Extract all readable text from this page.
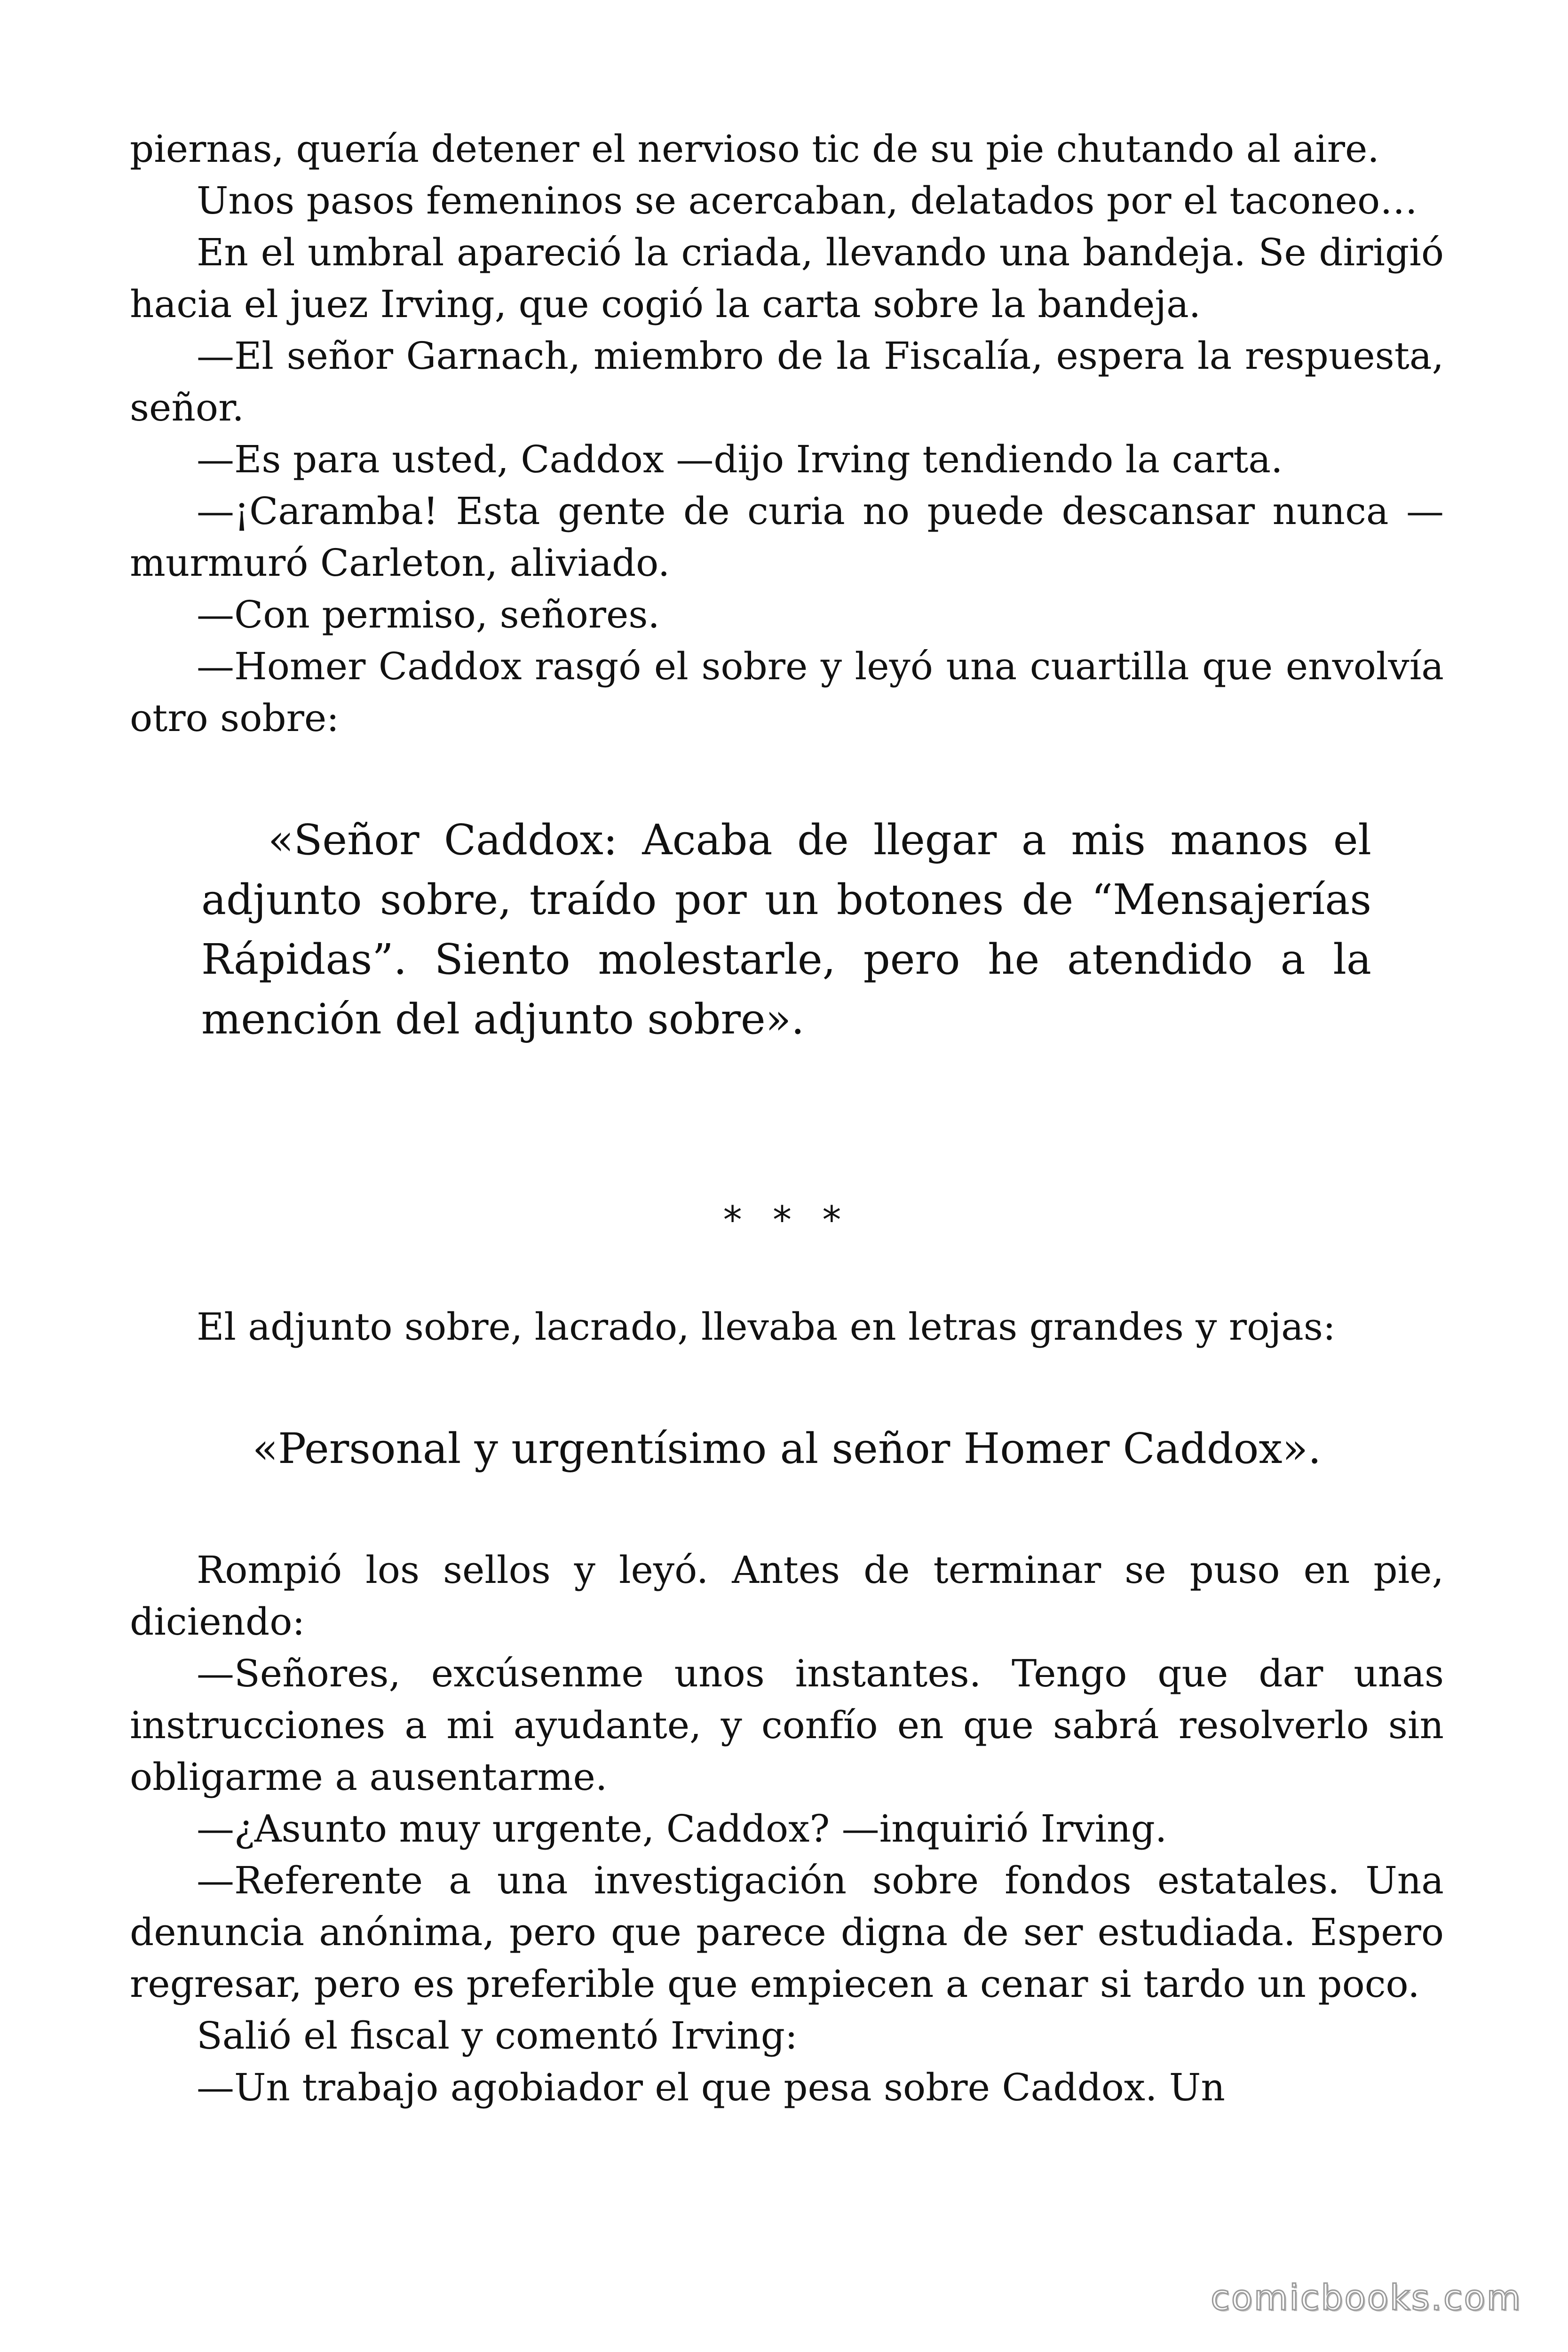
piernas, quería detener el nervioso tic de su pie chutando al aire.

Unos pasos femeninos se acercaban, delatados por el taconeo…

En el umbral apareció la criada, llevando una bandeja. Se dirigió hacia el juez Irving, que cogió la carta sobre la bandeja.

—El señor Garnach, miembro de la Fiscalía, espera la respuesta, señor.

—Es para usted, Caddox —dijo Irving tendiendo la carta.

—¡Caramba! Esta gente de curia no puede descansar nunca —murmuró Carleton, aliviado.

—Con permiso, señores.

—Homer Caddox rasgó el sobre y leyó una cuartilla que envolvía otro sobre:

«Señor Caddox: Acaba de llegar a mis manos el adjunto sobre, traído por un botones de “Mensajerías Rápidas”. Siento molestarle, pero he atendido a la mención del adjunto sobre».
* * *

El adjunto sobre, lacrado, llevaba en letras grandes y rojas:

«Personal y urgentísimo al señor Homer Caddox».

Rompió los sellos y leyó. Antes de terminar se puso en pie, diciendo:

—Señores, excúsenme unos instantes. Tengo que dar unas instrucciones a mi ayudante, y confío en que sabrá resolverlo sin obligarme a ausentarme.

—¿Asunto muy urgente, Caddox? —inquirió Irving.

—Referente a una investigación sobre fondos estatales. Una denuncia anónima, pero que parece digna de ser estudiada. Espero regresar, pero es preferible que empiecen a cenar si tardo un poco.

Salió el fiscal y comentó Irving:

—Un trabajo agobiador el que pesa sobre Caddox. Un

comicbooks.com
